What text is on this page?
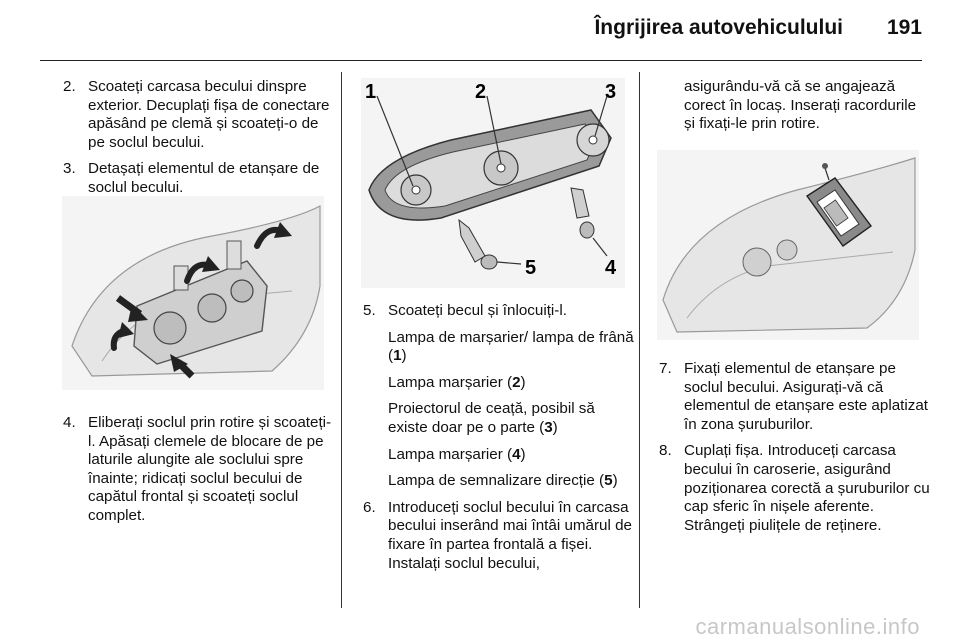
Îngrijirea autovehiculului 191
2. Scoateți carcasa becului dinspre exterior. Decuplați fișa de conectare apăsând pe clemă și scoateți-o de pe soclul becului.
3. Detașați elementul de etanșare de soclul becului.
4. Eliberați soclul prin rotire și scoateți-l. Apăsați clemele de blocare de pe laturile alungite ale soclului spre înainte; ridicați soclul becului de capătul frontal și scoateți soclul complet.
1	2	3
4
5
5. Scoateți becul și înlocuiți-l.
Lampa de marșarier/ lampa de frână (1)
Lampa marșarier (2)
Proiectorul de ceață, posibil să existe doar pe o parte (3)
Lampa marșarier (4)
Lampa de semnalizare direcție (5)
6. Introduceți soclul becului în carcasa becului inserând mai întâi umărul de fixare în partea frontală a fișei. Instalați soclul becului,
asigurându-vă că se angajează corect în locaș. Inserați racordurile și fixați-le prin rotire.
7. Fixați elementul de etanșare pe soclul becului. Asigurați-vă că elementul de etanșare este aplatizat în zona șuruburilor.
8. Cuplați fișa. Introduceți carcasa becului în caroserie, asigurând poziționarea corectă a șuruburilor cu cap sferic în nișele aferente. Strângeți piulițele de reținere.
carmanualsonline.info
